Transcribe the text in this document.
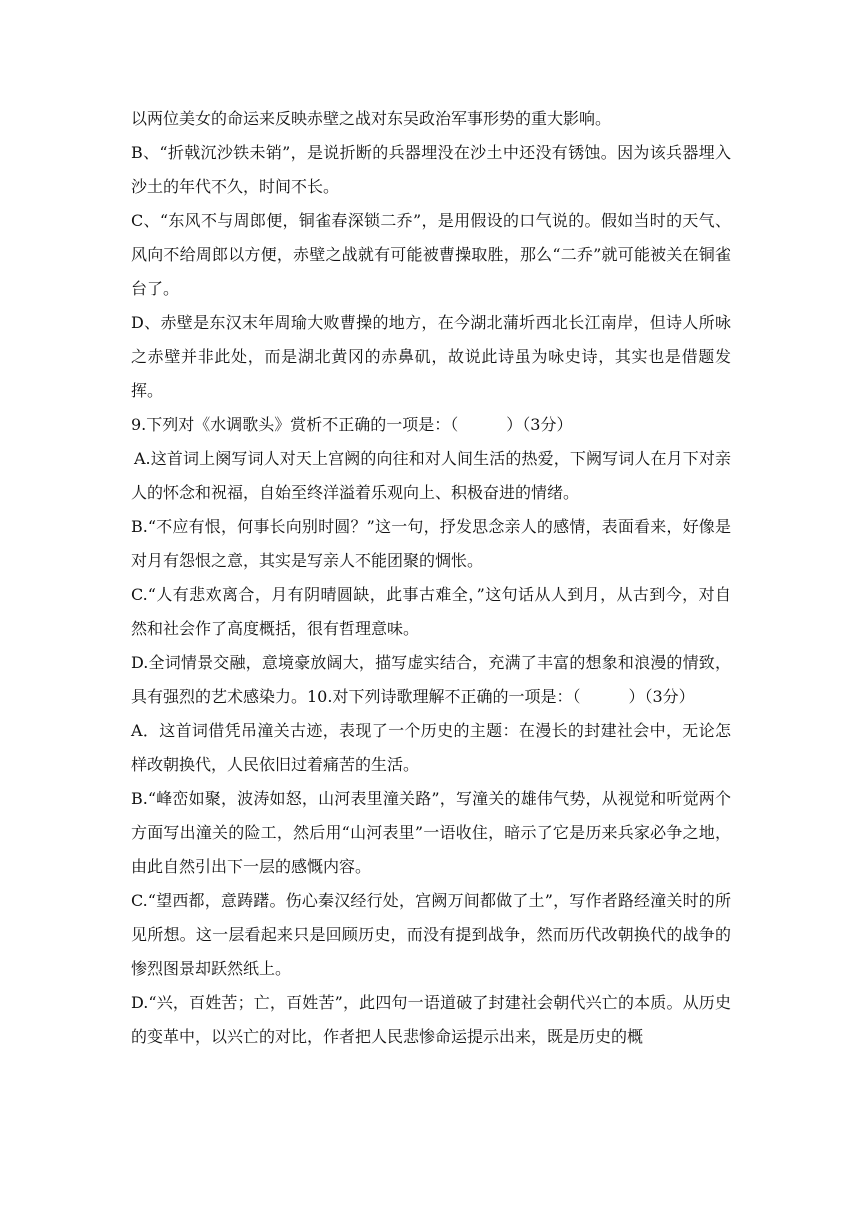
以两位美女的命运来反映赤壁之战对东吴政治军事形势的重大影响。

B、“折戟沉沙铁未销”，是说折断的兵器埋没在沙土中还没有锈蚀。因为该兵器埋入沙土的年代不久，时间不长。

C、“东风不与周郎便，铜雀春深锁二乔”，是用假设的口气说的。假如当时的天气、风向不给周郎以方便，赤壁之战就有可能被曹操取胜，那么“二乔”就可能被关在铜雀台了。

D、赤壁是东汉末年周瑜大败曹操的地方，在今湖北蒲圻西北长江南岸，但诗人所咏之赤壁并非此处，而是湖北黄冈的赤鼻矶，故说此诗虽为咏史诗，其实也是借题发挥。

9.下列对《水调歌头》赏析不正确的一项是：（　　　）（3分）

A.这首词上阕写词人对天上宫阙的向往和对人间生活的热爱，下阙写词人在月下对亲人的怀念和祝福，自始至终洋溢着乐观向上、积极奋进的情绪。

B.“不应有恨，何事长向别时圆？”这一句，抒发思念亲人的感情，表面看来，好像是对月有怨恨之意，其实是写亲人不能团聚的惆怅。

C.“人有悲欢离合，月有阴晴圆缺，此事古难全，”这句话从人到月，从古到今，对自然和社会作了高度概括，很有哲理意味。

D.全词情景交融，意境豪放阔大，描写虚实结合，充满了丰富的想象和浪漫的情致，具有强烈的艺术感染力。10.对下列诗歌理解不正确的一项是：（　　　）（3分）

A．这首词借凭吊潼关古迹，表现了一个历史的主题：在漫长的封建社会中，无论怎样改朝换代，人民依旧过着痛苦的生活。

B.“峰峦如聚，波涛如怒，山河表里潼关路”，写潼关的雄伟气势，从视觉和听觉两个方面写出潼关的险工，然后用“山河表里”一语收住，暗示了它是历来兵家必争之地，由此自然引出下一层的感慨内容。

C.“望西都，意踌躇。伤心秦汉经行处，宫阙万间都做了土”，写作者路经潼关时的所见所想。这一层看起来只是回顾历史，而没有提到战争，然而历代改朝换代的战争的惨烈图景却跃然纸上。

D.“兴，百姓苦；亡，百姓苦”，此四句一语道破了封建社会朝代兴亡的本质。从历史的变革中，以兴亡的对比，作者把人民悲惨命运提示出来，既是历史的概
